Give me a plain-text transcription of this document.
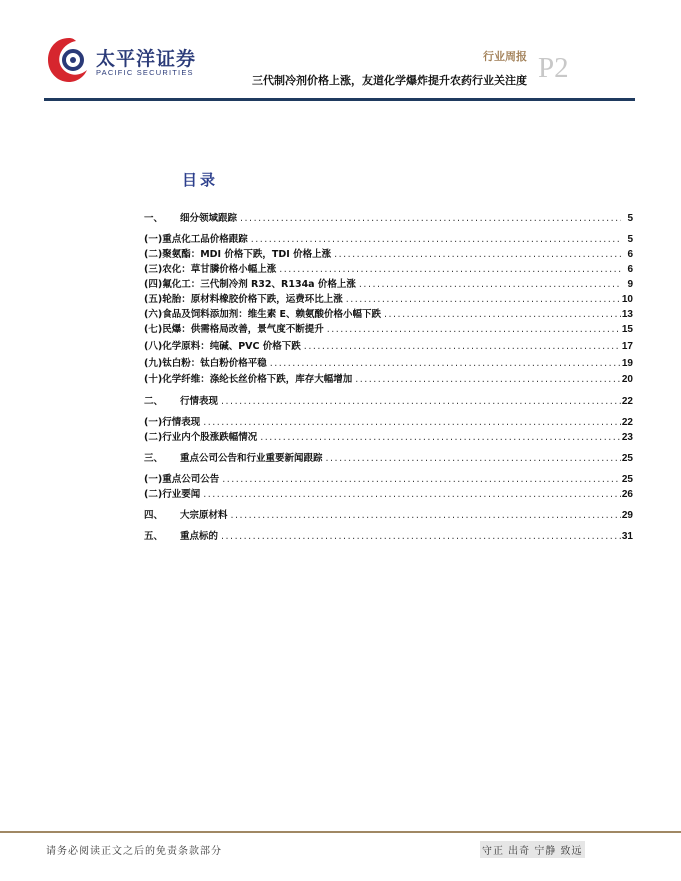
太平洋证券
PACIFIC SECURITIES
行业周报
三代制冷剂价格上涨，友道化学爆炸提升农药行业关注度 P2
目录
一、	细分领域跟踪 .....	5
(一) 重点化工品价格跟踪 .....	5
(二) 聚氨酯：MDI 价格下跌，TDI 价格上涨 .....	6
(三) 农化：草甘膦价格小幅上涨 .....	6
(四) 氟化工：三代制冷剂 R32、R134a 价格上涨 .....	9
(五) 轮胎：原材料橡胶价格下跌，运费环比上涨 .....	10
(六) 食品及饲料添加剂：维生素 E、赖氨酸价格小幅下跌 .....	13
(七) 民爆：供需格局改善，景气度不断提升 .....	15
(八) 化学原料：纯碱、PVC 价格下跌 .....	17
(九) 钛白粉：钛白粉价格平稳 .....	19
(十) 化学纤维：涤纶长丝价格下跌，库存大幅增加 .....	20
二、	行情表现 .....	22
(一) 行情表现 .....	22
(二) 行业内个股涨跌幅情况 .....	23
三、	重点公司公告和行业重要新闻跟踪 .....	25
(一) 重点公司公告 .....	25
(二) 行业要闻 .....	26
四、	大宗原材料 .....	29
五、	重点标的 .....	31
请务必阅读正文之后的免责条款部分	守正 出奇 宁静 致远
